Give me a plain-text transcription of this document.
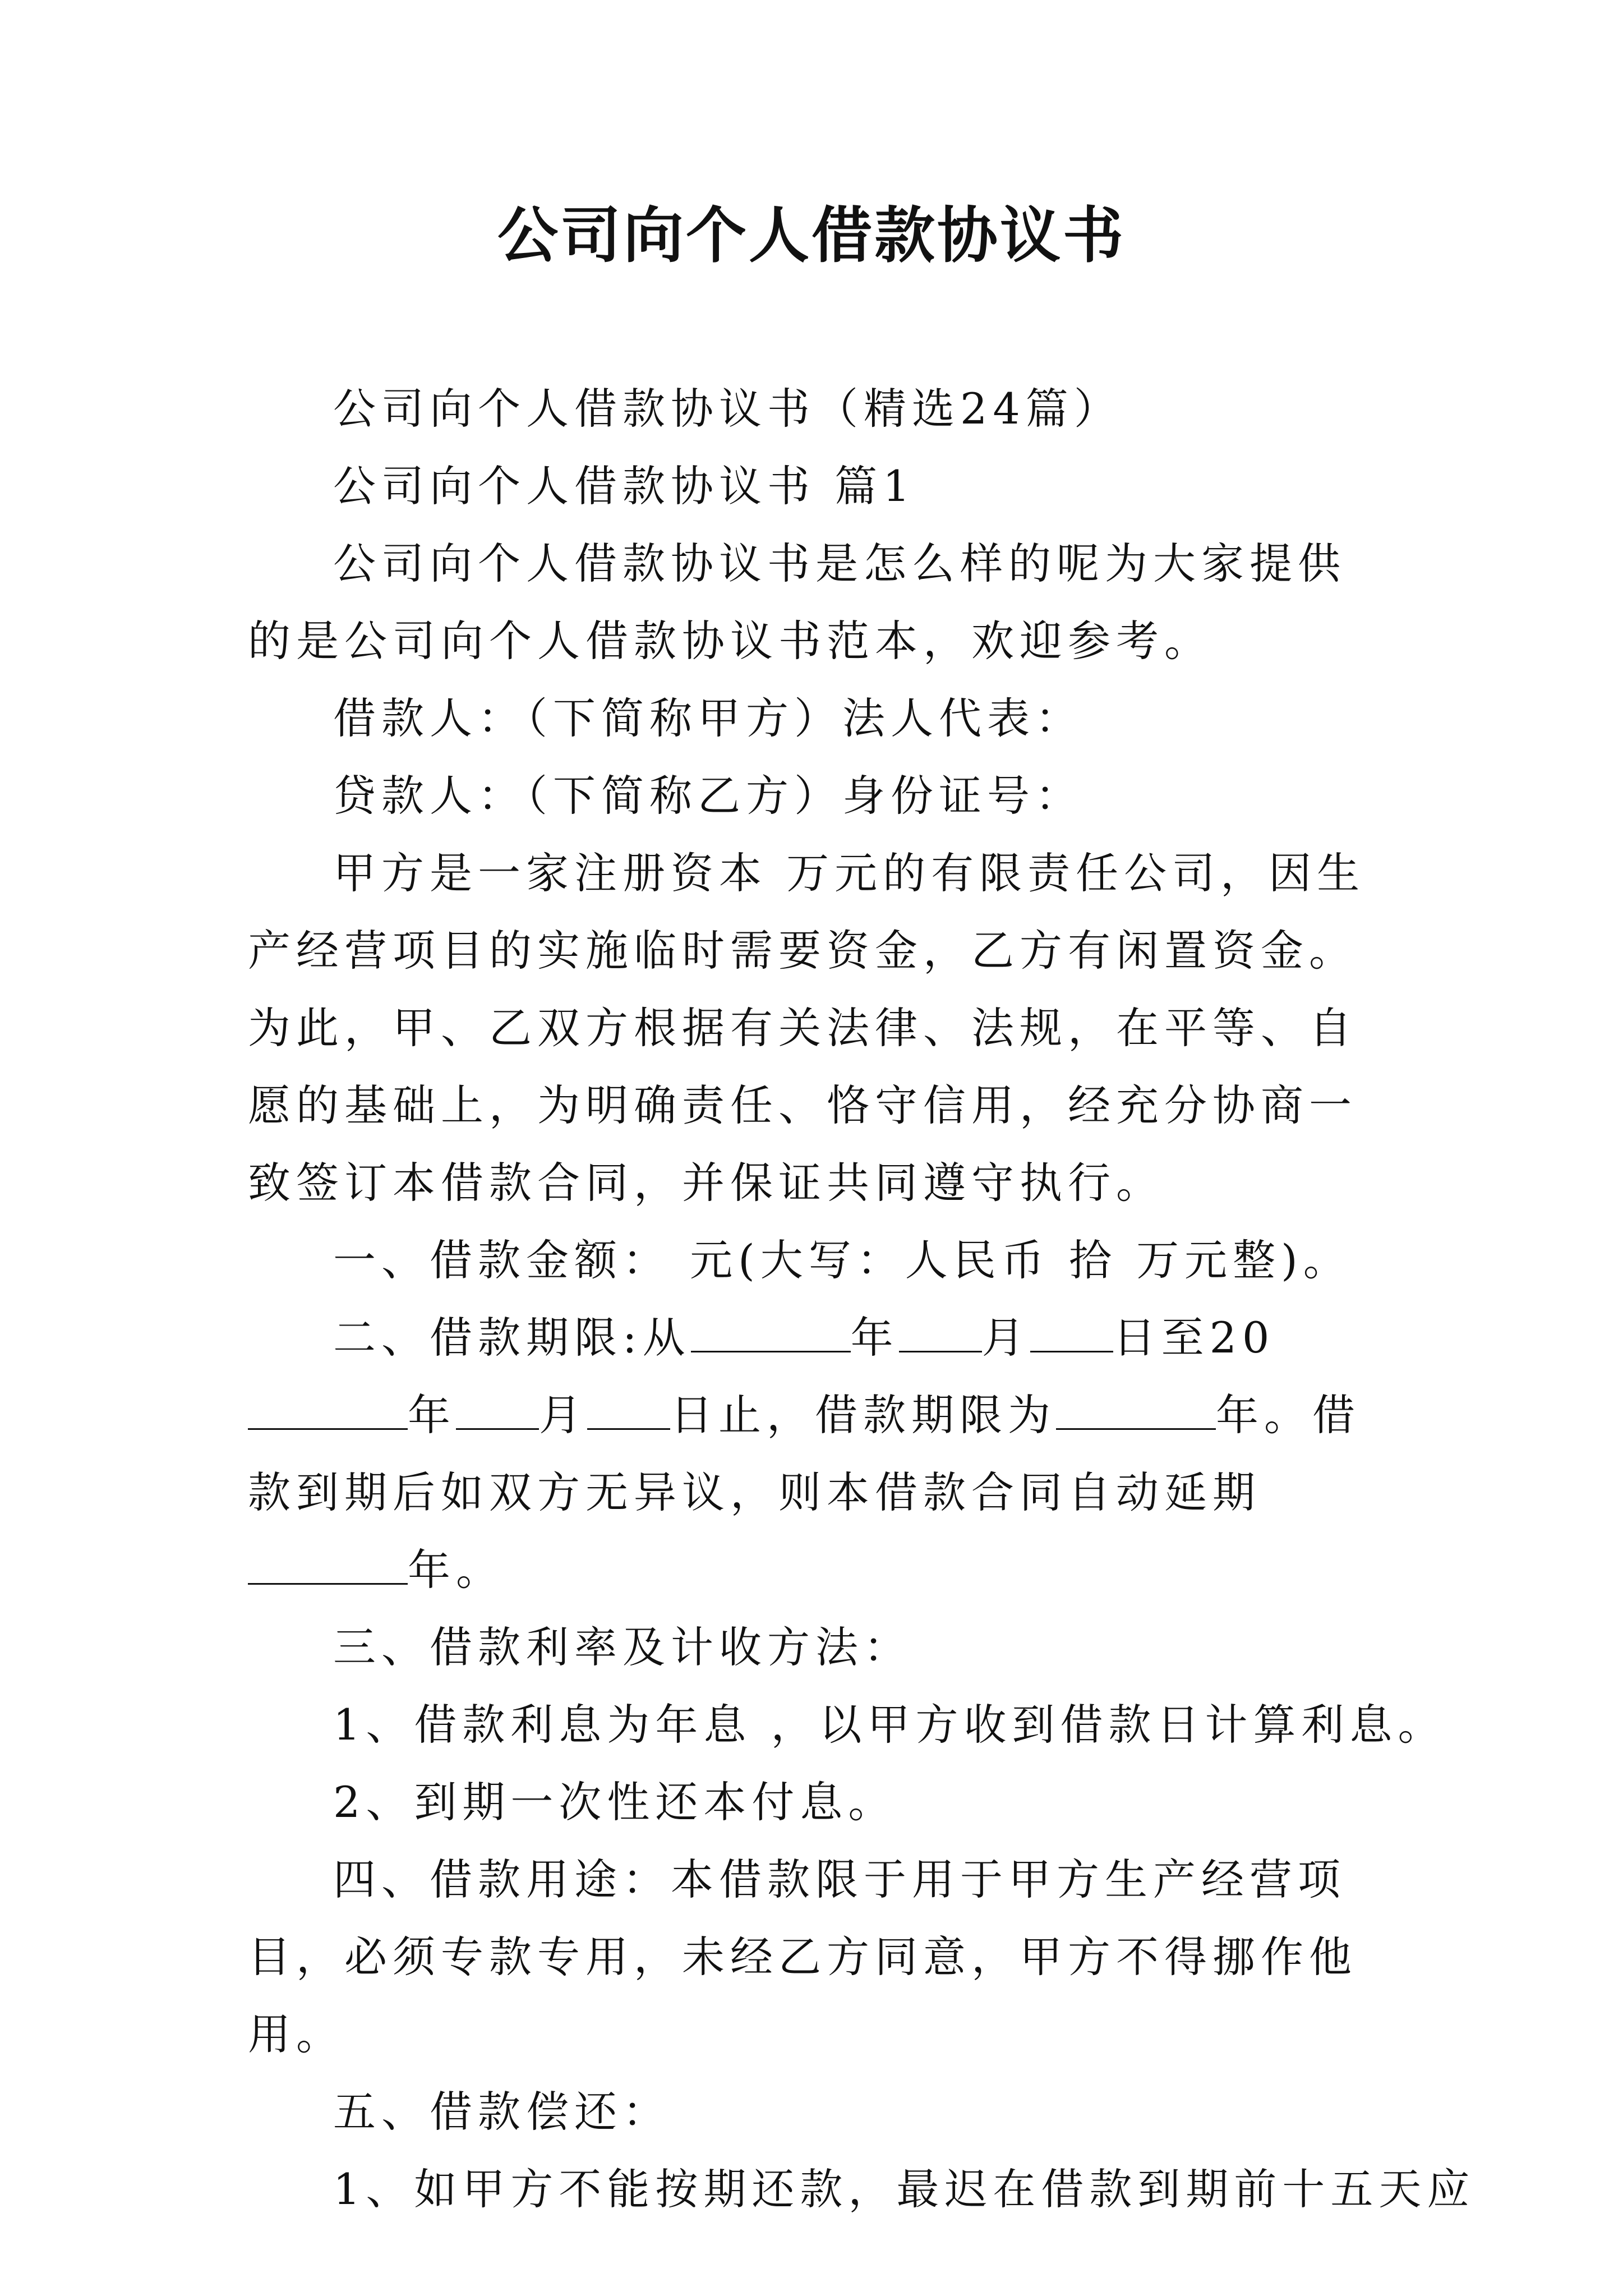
公司向个人借款协议书

公司向个人借款协议书（精选24篇）

公司向个人借款协议书 篇1

公司向个人借款协议书是怎么样的呢为大家提供的是公司向个人借款协议书范本，欢迎参考。

借款人：（下简称甲方）法人代表：

贷款人：（下简称乙方）身份证号：

甲方是一家注册资本 万元的有限责任公司，因生产经营项目的实施临时需要资金，乙方有闲置资金。为此，甲、乙双方根据有关法律、法规，在平等、自愿的基础上，为明确责任、恪守信用，经充分协商一致签订本借款合同，并保证共同遵守执行。

一、借款金额： 元(大写：人民币 拾 万元整)。

二、借款期限:从	年 月 日至20年 月 日止，借款期限为	年。借款到期后如双方无异议，则本借款合同自动延期年。

三、借款利率及计收方法：

1、借款利息为年息 ，以甲方收到借款日计算利息。

2、到期一次性还本付息。

四、借款用途：本借款限于用于甲方生产经营项目，必须专款专用，未经乙方同意，甲方不得挪作他用。

五、借款偿还：

1、如甲方不能按期还款，最迟在借款到期前十五天应
